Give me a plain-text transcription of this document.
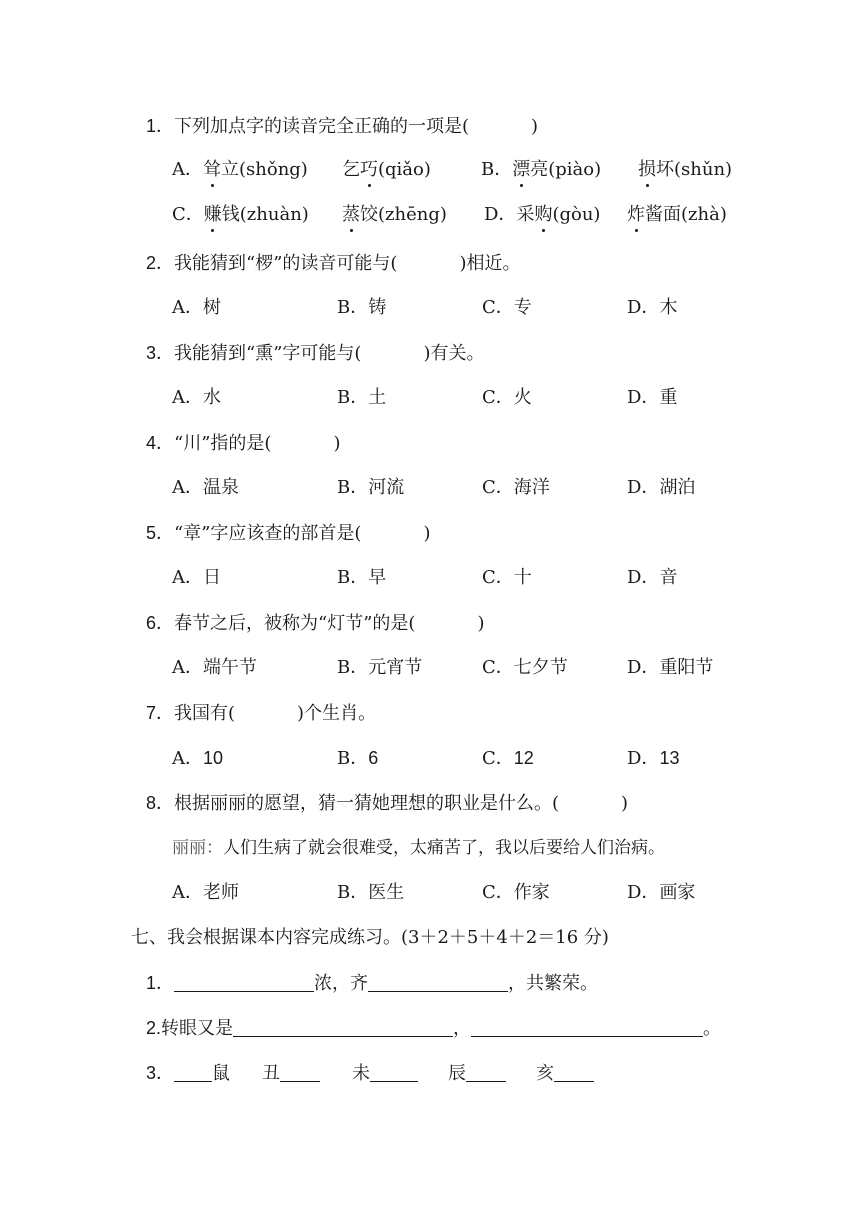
1．下列加点字的读音完全正确的一项是(	)
A．耸立(shǒng) 乞巧(qiǎo)	B．漂亮(piào) 损坏(shǔn)
C．赚钱(zhuàn) 蒸饺(zhēng) D．采购(gòu) 炸酱面(zhà)
2．我能猜到“椤”的读音可能与(	)相近。
A．树	B．铸	C．专	D．木
3．我能猜到“熏”字可能与(	)有关。
A．水	B．土	C．火	D．重
4．“川”指的是(	)
A．温泉	B．河流	C．海洋	D．湖泊
5．“章”字应该查的部首是(	)
A．日	B．早	C．十	D．音
6．春节之后，被称为“灯节”的是(	)
A．端午节	B．元宵节	C．七夕节	D．重阳节
7．我国有(	)个生肖。
A．10	B．6	C．12	D．13
8．根据丽丽的愿望，猜一猜她理想的职业是什么。(	)
丽丽：人们生病了就会很难受，太痛苦了，我以后要给人们治病。
A．老师	B．医生	C．作家	D．画家
七、我会根据课本内容完成练习。(3＋2＋5＋4＋2＝16 分)
1．	浓，齐	，共繁荣。
2.转眼又是	，	。
3． 鼠 丑	未	辰	亥
